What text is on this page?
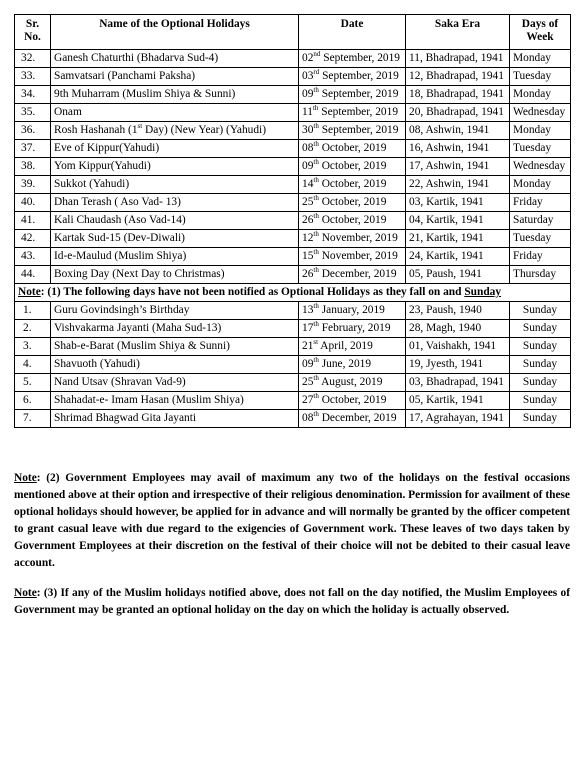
Sr.
No.	Name of the Optional Holidays	Date	Saka Era	Days of
Week
32.	Ganesh Chaturthi (Bhadarva Sud-4)	02nd September, 2019	11, Bhadrapad, 1941	Monday
33.	Samvatsari (Panchami Paksha)	03rd September, 2019	12, Bhadrapad, 1941	Tuesday
34.	9th Muharram (Muslim Shiya & Sunni)	09th September, 2019	18, Bhadrapad, 1941	Monday
35.	Onam	11th September, 2019	20, Bhadrapad, 1941	Wednesday
36.	Rosh Hashanah (1st Day) (New Year) (Yahudi)	30th September, 2019	08, Ashwin, 1941	Monday
37.	Eve of Kippur(Yahudi)	08th October, 2019	16, Ashwin, 1941	Tuesday
38.	Yom Kippur(Yahudi)	09th October, 2019	17, Ashwin, 1941	Wednesday
39.	Sukkot (Yahudi)	14th October, 2019	22, Ashwin, 1941	Monday
40.	Dhan Terash ( Aso Vad- 13)	25th October, 2019	03, Kartik, 1941	Friday
41.	Kali Chaudash (Aso Vad-14)	26th October, 2019	04, Kartik, 1941	Saturday
42.	Kartak Sud-15 (Dev-Diwali)	12th November, 2019	21, Kartik, 1941	Tuesday
43.	Id-e-Maulud (Muslim Shiya)	15th November, 2019	24, Kartik, 1941	Friday
44.	Boxing Day (Next Day to Christmas)	26th December, 2019	05, Paush, 1941	Thursday
Note: (1) The following days have not been notified as Optional Holidays as they fall on and Sunday				
1.	Guru Govindsingh’s Birthday	13th January, 2019	23, Paush, 1940	Sunday
2.	Vishvakarma Jayanti (Maha Sud-13)	17th February, 2019	28, Magh, 1940	Sunday
3.	Shab-e-Barat (Muslim Shiya & Sunni)	21st April, 2019	01, Vaishakh, 1941	Sunday
4.	Shavuoth (Yahudi)	09th June, 2019	19, Jyesth, 1941	Sunday
5.	Nand Utsav (Shravan Vad-9)	25th August, 2019	03, Bhadrapad, 1941	Sunday
6.	Shahadat-e- Imam Hasan (Muslim Shiya)	27th October, 2019	05, Kartik, 1941	Sunday
7.	Shrimad Bhagwad Gita Jayanti	08th December, 2019	17, Agrahayan, 1941	Sunday
Note: (2) Government Employees may avail of maximum any two of the holidays on the festival occasions mentioned above at their option and irrespective of their religious denomination. Permission for availment of these optional holidays should however, be applied for in advance and will normally be granted by the officer competent to grant casual leave with due regard to the exigencies of Government work. These leaves of two days taken by Government Employees at their discretion on the festival of their choice will not be debited to their casual leave account.
Note: (3) If any of the Muslim holidays notified above, does not fall on the day notified, the Muslim Employees of Government may be granted an optional holiday on the day on which the holiday is actually observed.
